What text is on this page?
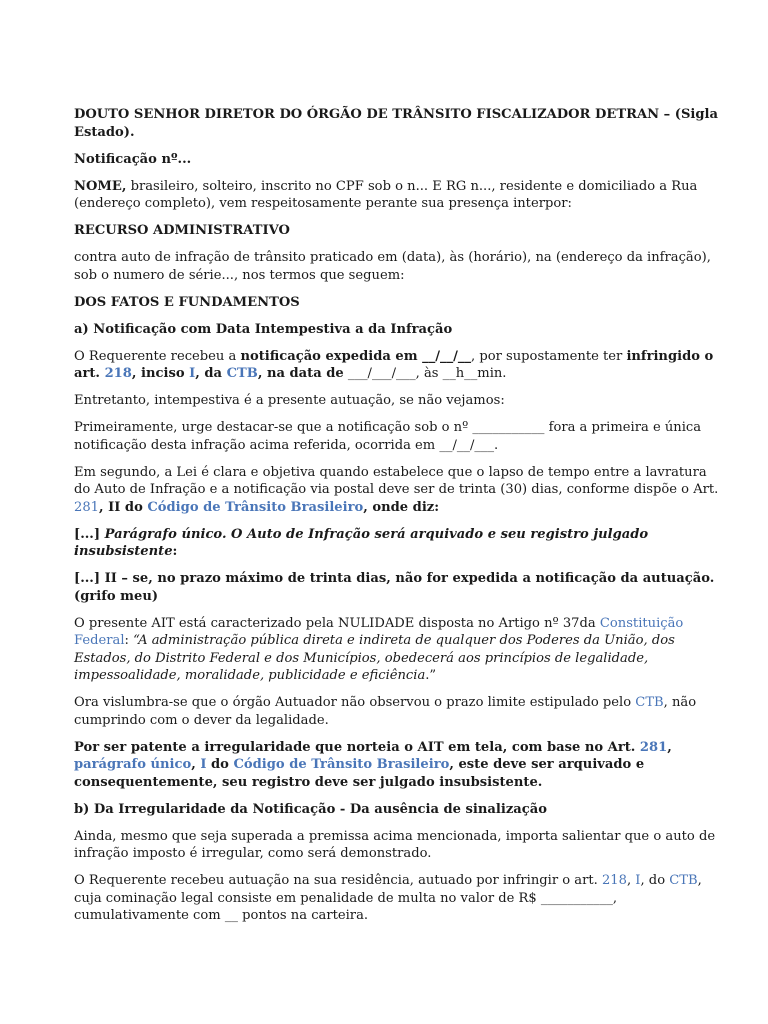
DOUTO SENHOR DIRETOR DO ÓRGÃO DE TRÂNSITO FISCALIZADOR DETRAN – (Sigla Estado).

Notificação nº...

NOME, brasileiro, solteiro, inscrito no CPF sob o n... E RG n..., residente e domiciliado a Rua (endereço completo), vem respeitosamente perante sua presença interpor:

RECURSO ADMINISTRATIVO

contra auto de infração de trânsito praticado em (data), às (horário), na (endereço da infração), sob o numero de série..., nos termos que seguem:

DOS FATOS E FUNDAMENTOS

a) Notificação com Data Intempestiva a da Infração

O Requerente recebeu a notificação expedida em __/__/__, por supostamente ter infringido o art. 218, inciso I, da CTB, na data de ___/___/___, às __h__min.

Entretanto, intempestiva é a presente autuação, se não vejamos:

Primeiramente, urge destacar-se que a notificação sob o nº ___________ fora a primeira e única notificação desta infração acima referida, ocorrida em __/__/___.

Em segundo, a Lei é clara e objetiva quando estabelece que o lapso de tempo entre a lavratura do Auto de Infração e a notificação via postal deve ser de trinta (30) dias, conforme dispõe o Art. 281, II do Código de Trânsito Brasileiro, onde diz:

[...] Parágrafo único. O Auto de Infração será arquivado e seu registro julgado insubsistente:

[...] II – se, no prazo máximo de trinta dias, não for expedida a notificação da autuação. (grifo meu)

O presente AIT está caracterizado pela NULIDADE disposta no Artigo nº 37da Constituição Federal: “A administração pública direta e indireta de qualquer dos Poderes da União, dos Estados, do Distrito Federal e dos Municípios, obedecerá aos princípios de legalidade, impessoalidade, moralidade, publicidade e eficiência.”

Ora vislumbra-se que o órgão Autuador não observou o prazo limite estipulado pelo CTB, não cumprindo com o dever da legalidade.

Por ser patente a irregularidade que norteia o AIT em tela, com base no Art. 281, parágrafo único, I do Código de Trânsito Brasileiro, este deve ser arquivado e consequentemente, seu registro deve ser julgado insubsistente.

b) Da Irregularidade da Notificação - Da ausência de sinalização

Ainda, mesmo que seja superada a premissa acima mencionada, importa salientar que o auto de infração imposto é irregular, como será demonstrado.

O Requerente recebeu autuação na sua residência, autuado por infringir o art. 218, I, do CTB, cuja cominação legal consiste em penalidade de multa no valor de R$ ___________, cumulativamente com __ pontos na carteira.
